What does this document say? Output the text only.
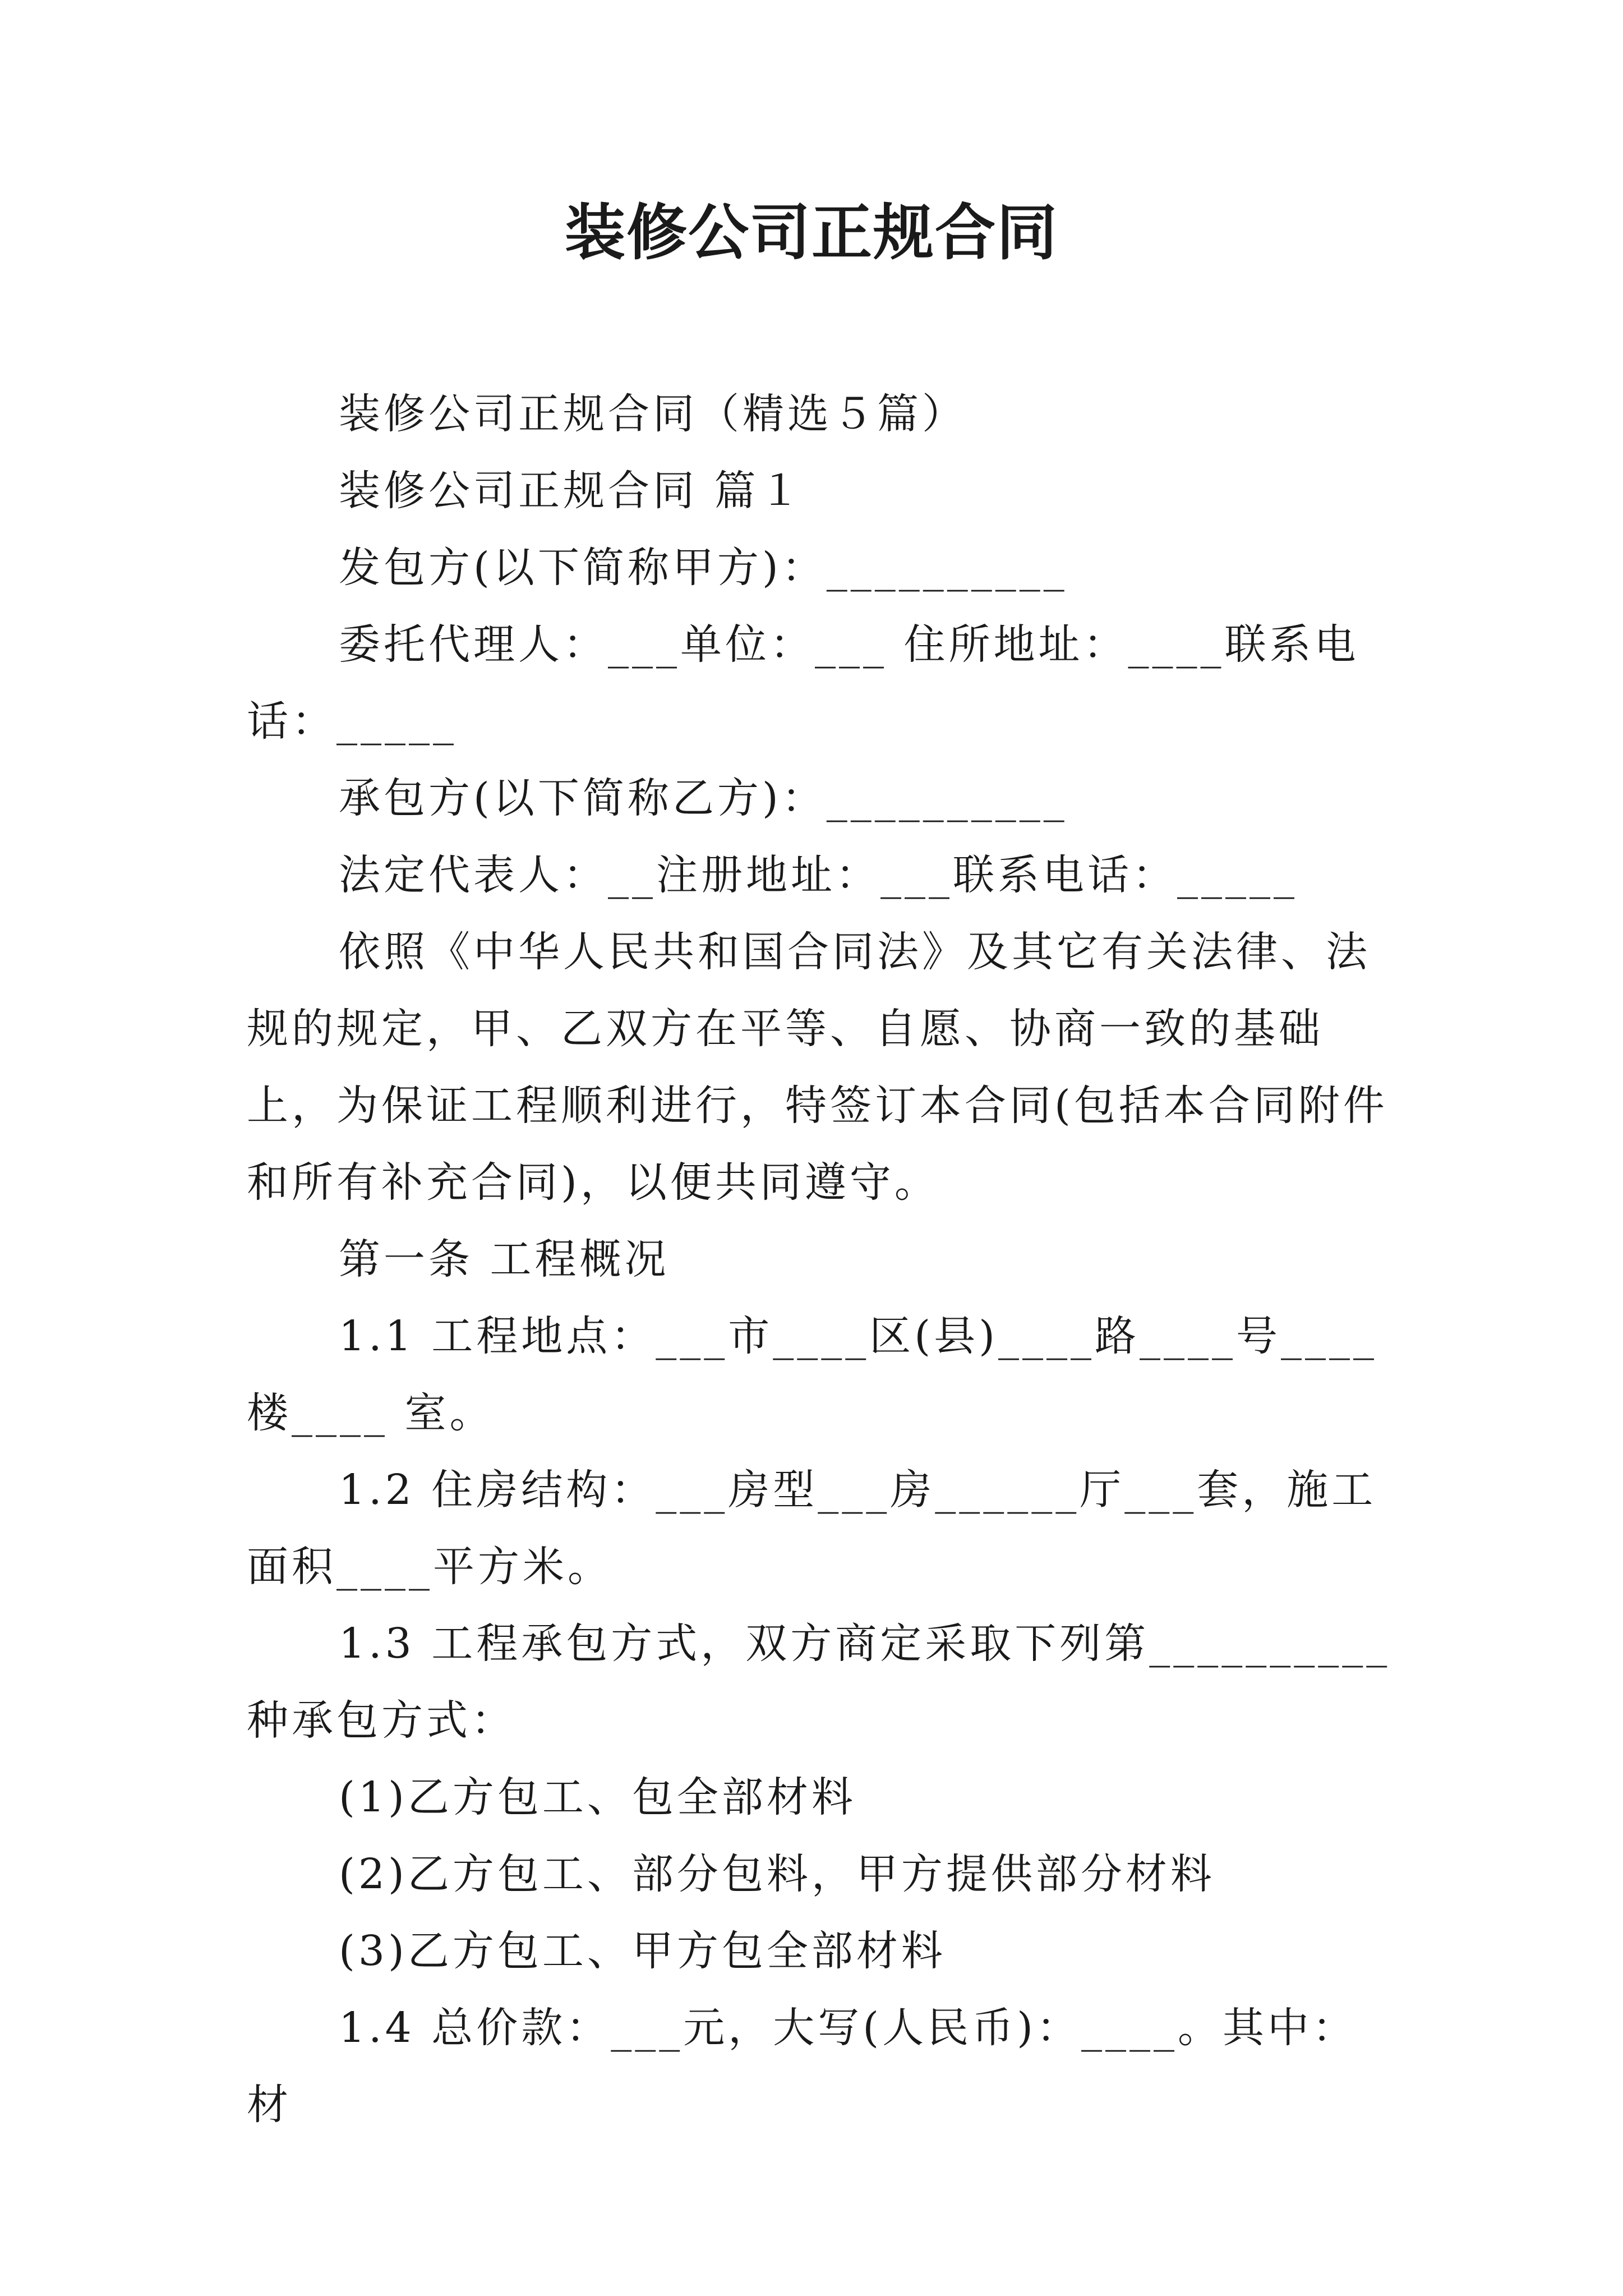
装修公司正规合同

装修公司正规合同（精选５篇）

装修公司正规合同 篇１

发包方(以下简称甲方)：__________

委托代理人：___单位：___ 住所地址：____联系电话：_____

承包方(以下简称乙方)：__________

法定代表人：__注册地址：___联系电话：_____

依照《中华人民共和国合同法》及其它有关法律、法规的规定，甲、乙双方在平等、自愿、协商一致的基础上，为保证工程顺利进行，特签订本合同(包括本合同附件和所有补充合同)，以便共同遵守。

第一条 工程概况

1.1 工程地点：___市____区(县)____路____号____楼____ 室。

1.2 住房结构：___房型___房______厅___套，施工面积____平方米。

1.3 工程承包方式，双方商定采取下列第__________种承包方式：

(1)乙方包工、包全部材料

(2)乙方包工、部分包料，甲方提供部分材料

(3)乙方包工、甲方包全部材料

1.4 总价款：___元，大写(人民币)：____。其中：材
